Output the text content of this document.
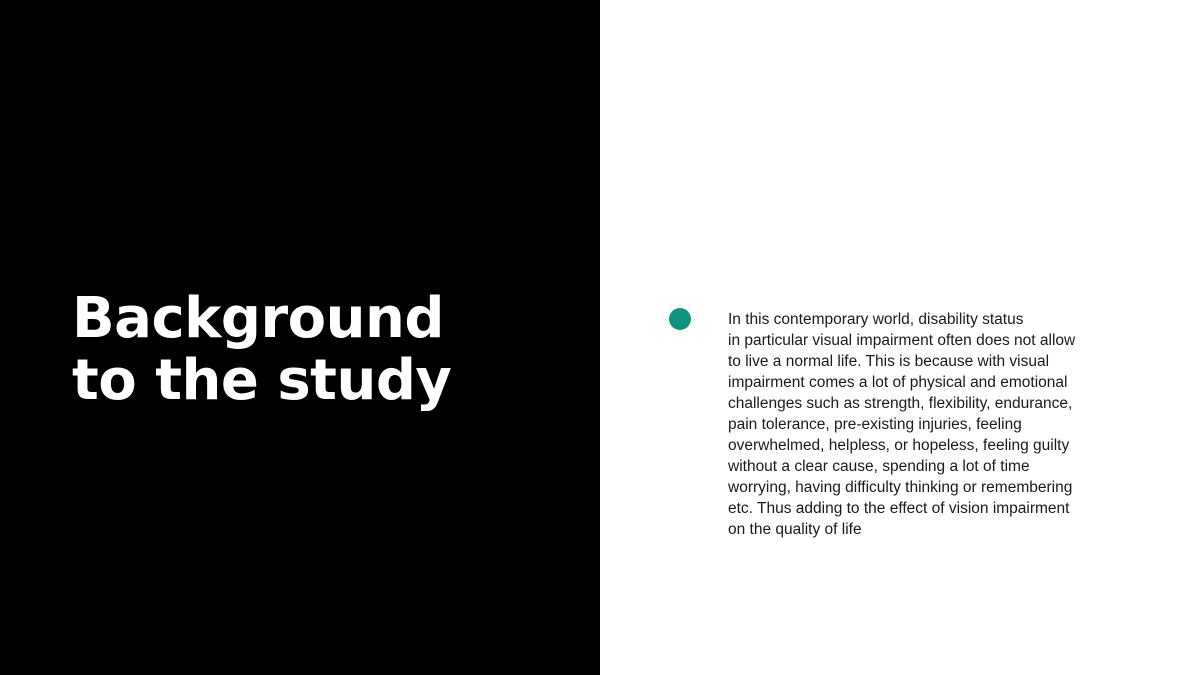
Background
to the study

In this contemporary world, disability status
in particular visual impairment often does not allow
to live a normal life. This is because with visual
impairment comes a lot of physical and emotional
challenges such as strength, flexibility, endurance,
pain tolerance, pre-existing injuries, feeling
overwhelmed, helpless, or hopeless, feeling guilty
without a clear cause, spending a lot of time
worrying, having difficulty thinking or remembering
etc. Thus adding to the effect of vision impairment
on the quality of life
